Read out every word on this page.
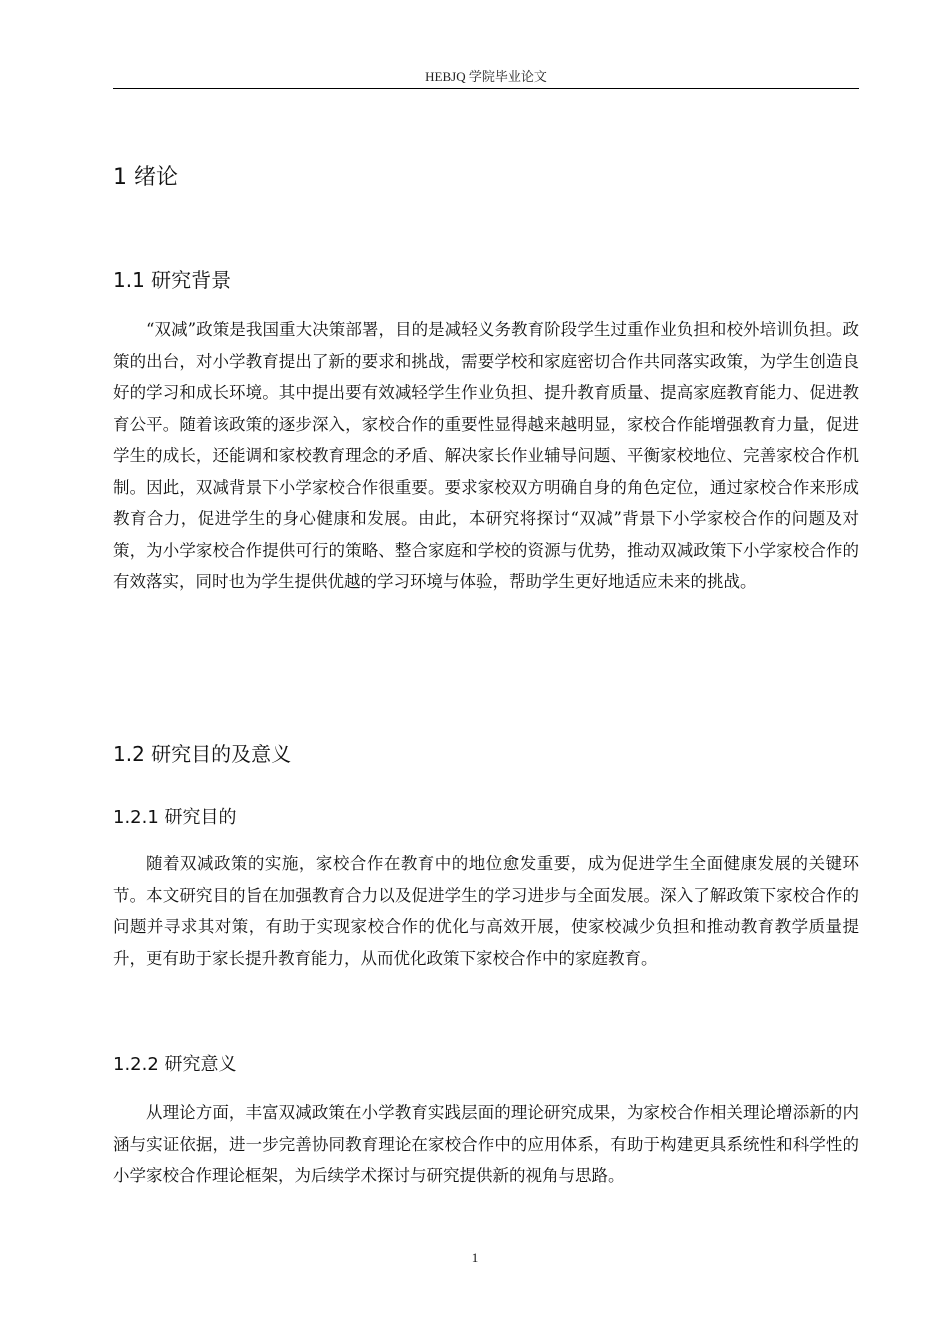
HEBJQ 学院毕业论文
1 绪论
1.1 研究背景

“双减”政策是我国重大决策部署，目的是减轻义务教育阶段学生过重作业负担和校外培训负担。政策的出台，对小学教育提出了新的要求和挑战，需要学校和家庭密切合作共同落实政策，为学生创造良好的学习和成长环境。其中提出要有效减轻学生作业负担、提升教育质量、提高家庭教育能力、促进教育公平。随着该政策的逐步深入，家校合作的重要性显得越来越明显，家校合作能增强教育力量，促进学生的成长，还能调和家校教育理念的矛盾、解决家长作业辅导问题、平衡家校地位、完善家校合作机制。因此，双减背景下小学家校合作很重要。要求家校双方明确自身的角色定位，通过家校合作来形成教育合力，促进学生的身心健康和发展。由此，本研究将探讨“双减”背景下小学家校合作的问题及对策，为小学家校合作提供可行的策略、整合家庭和学校的资源与优势，推动双减政策下小学家校合作的有效落实，同时也为学生提供优越的学习环境与体验，帮助学生更好地适应未来的挑战。

1.2 研究目的及意义
1.2.1 研究目的

随着双减政策的实施，家校合作在教育中的地位愈发重要，成为促进学生全面健康发展的关键环节。本文研究目的旨在加强教育合力以及促进学生的学习进步与全面发展。深入了解政策下家校合作的问题并寻求其对策，有助于实现家校合作的优化与高效开展，使家校减少负担和推动教育教学质量提升，更有助于家长提升教育能力，从而优化政策下家校合作中的家庭教育。

1.2.2 研究意义

从理论方面，丰富双减政策在小学教育实践层面的理论研究成果，为家校合作相关理论增添新的内涵与实证依据，进一步完善协同教育理论在家校合作中的应用体系，有助于构建更具系统性和科学性的小学家校合作理论框架，为后续学术探讨与研究提供新的视角与思路。

1
